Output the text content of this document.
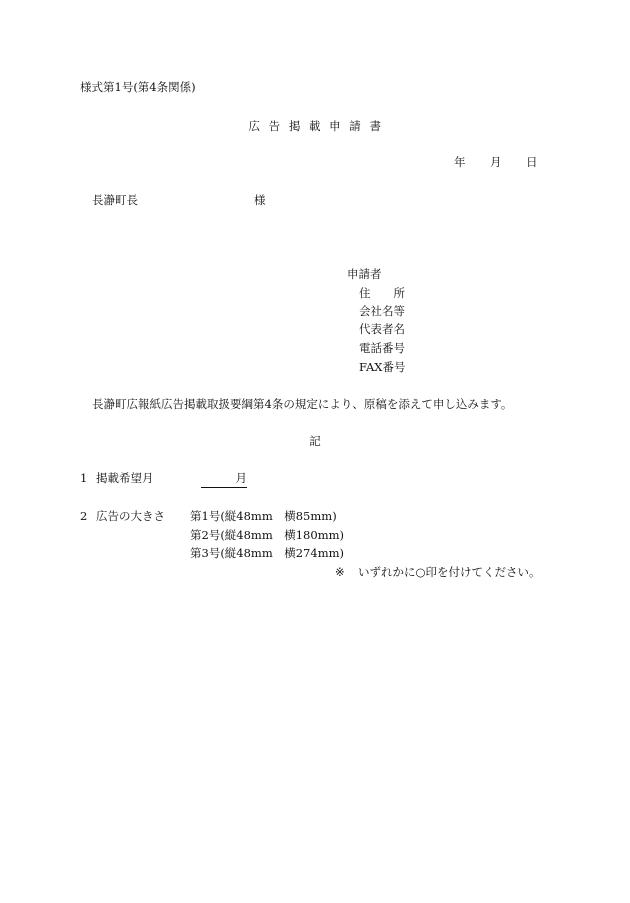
様式第1号(第4条関係)
広 告 掲 載 申 請 書
年 月 日
長瀞町長	様
申請者
住　　所
会社名等
代表者名
電話番号
FAX番号
長瀞町広報紙広告掲載取扱要綱第4条の規定により、原稿を添えて申し込みます。
記
1 掲載希望月	月
2 広告の大きさ 第1号(縦48mm　横85mm)
第2号(縦48mm　横180mm)
第3号(縦48mm　横274mm)
※ いずれかに○印を付けてください。
